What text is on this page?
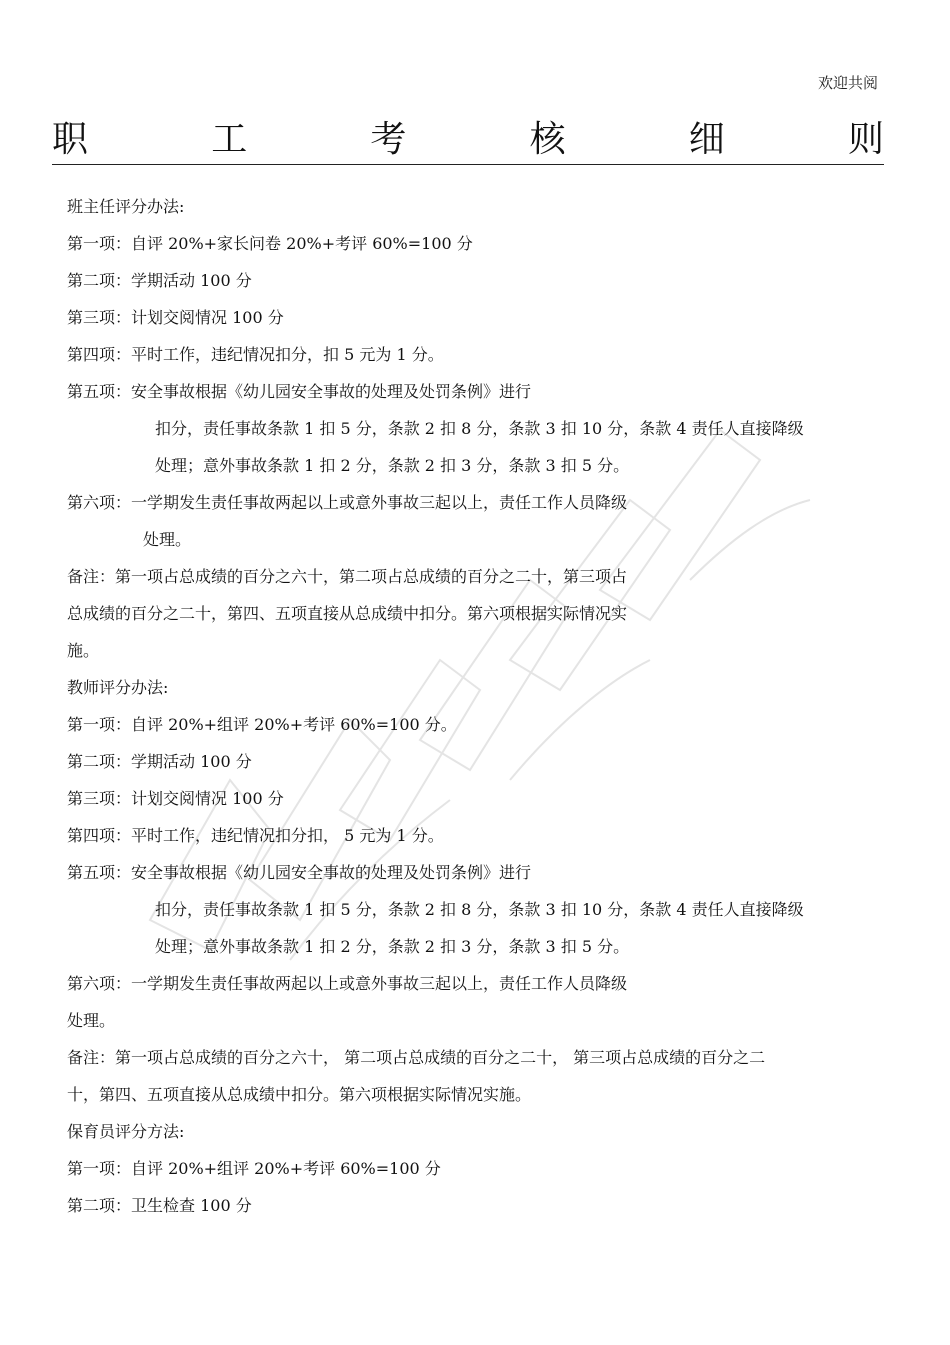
欢迎共阅
职	工	考	核	细	则
班主任评分办法:
第一项：自评 20%+家长问卷 20%+考评 60%=100 分
第二项：学期活动 100 分
第三项：计划交阅情况 100 分
第四项：平时工作，违纪情况扣分，扣 5 元为 1 分。
第五项：安全事故根据《幼儿园安全事故的处理及处罚条例》进行
扣分，责任事故条款 1 扣 5 分，条款 2 扣 8 分，条款 3 扣 10 分，条款 4 责任人直接降级
处理；意外事故条款 1 扣 2 分，条款 2 扣 3 分，条款 3 扣 5 分。
第六项：一学期发生责任事故两起以上或意外事故三起以上，责任工作人员降级
处理。
备注：第一项占总成绩的百分之六十，第二项占总成绩的百分之二十，第三项占
总成绩的百分之二十，第四、五项直接从总成绩中扣分。第六项根据实际情况实
施。
教师评分办法:
第一项：自评 20%+组评 20%+考评 60%=100 分。
第二项：学期活动 100 分
第三项：计划交阅情况 100 分
第四项：平时工作，违纪情况扣分扣， 5 元为 1 分。
第五项：安全事故根据《幼儿园安全事故的处理及处罚条例》进行
扣分，责任事故条款 1 扣 5 分，条款 2 扣 8 分，条款 3 扣 10 分，条款 4 责任人直接降级
处理；意外事故条款 1 扣 2 分，条款 2 扣 3 分，条款 3 扣 5 分。
第六项：一学期发生责任事故两起以上或意外事故三起以上，责任工作人员降级
处理。
备注：第一项占总成绩的百分之六十， 第二项占总成绩的百分之二十， 第三项占总成绩的百分之二
十，第四、五项直接从总成绩中扣分。第六项根据实际情况实施。
保育员评分方法:
第一项：自评 20%+组评 20%+考评 60%=100 分
第二项：卫生检查 100 分
